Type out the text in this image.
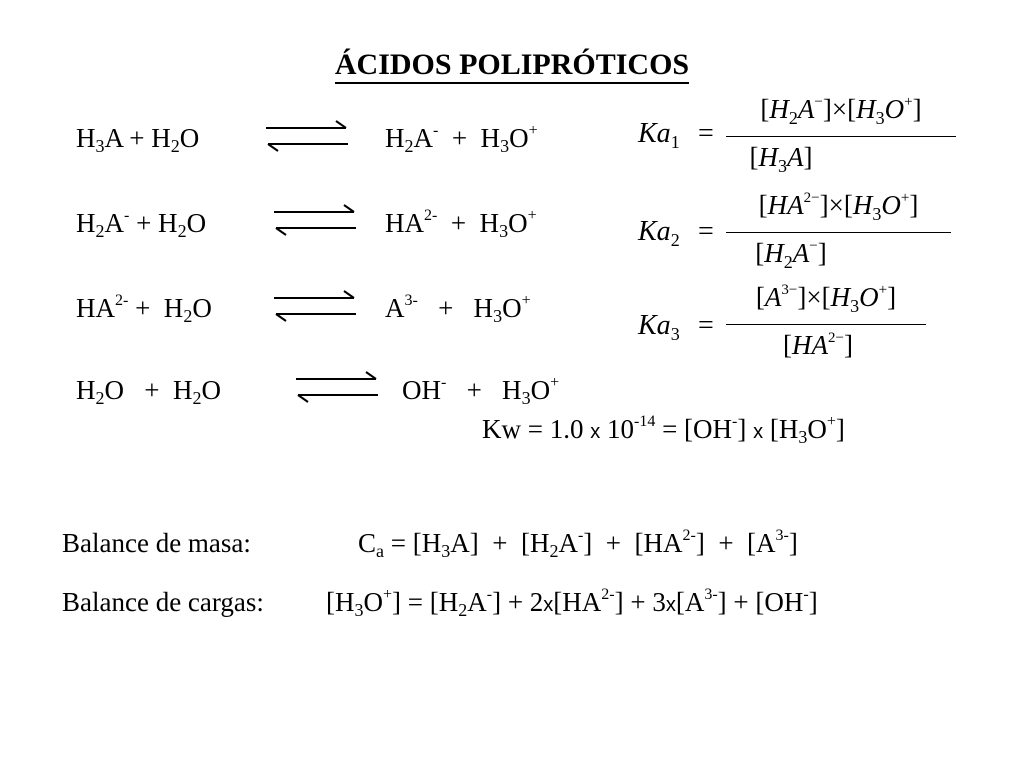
ÁCIDOS POLIPRÓTICOS
$H_3A + H_2O$	$H_2A^- + H_3O^+$
$H_2A^- + H_2O$	$HA^{2-} + H_3O^+$
$HA^{2-} + H_2O$	$A^{3-} + H_3O^+$
$H_2O + H_2O$	$OH^- + H_3O^+$
$Ka_1$ =
$[H_2A^-]\times[H_3O^+]$
$[H_3A]$
$Ka_2$ =
$[HA^{2-}]\times[H_3O^+]$
$[H_2A^-]$
$Ka_3$ =
$[A^{3-}]\times[H_3O^+]$
$[HA^{2-}]$
Kw = 1.0 x $10^{-14} = [OH^-]$ x $[H_3O^+]$
Balance de masa:	$C_a = [H_3A] + [H_2A^-] + [HA^{2-}] + [A^{3-}]$
Balance de cargas: $[H_3O^+] = [H_2A^-] + 2x[HA^{2-}] + 3x[A^{3-}] + [OH^-]$
